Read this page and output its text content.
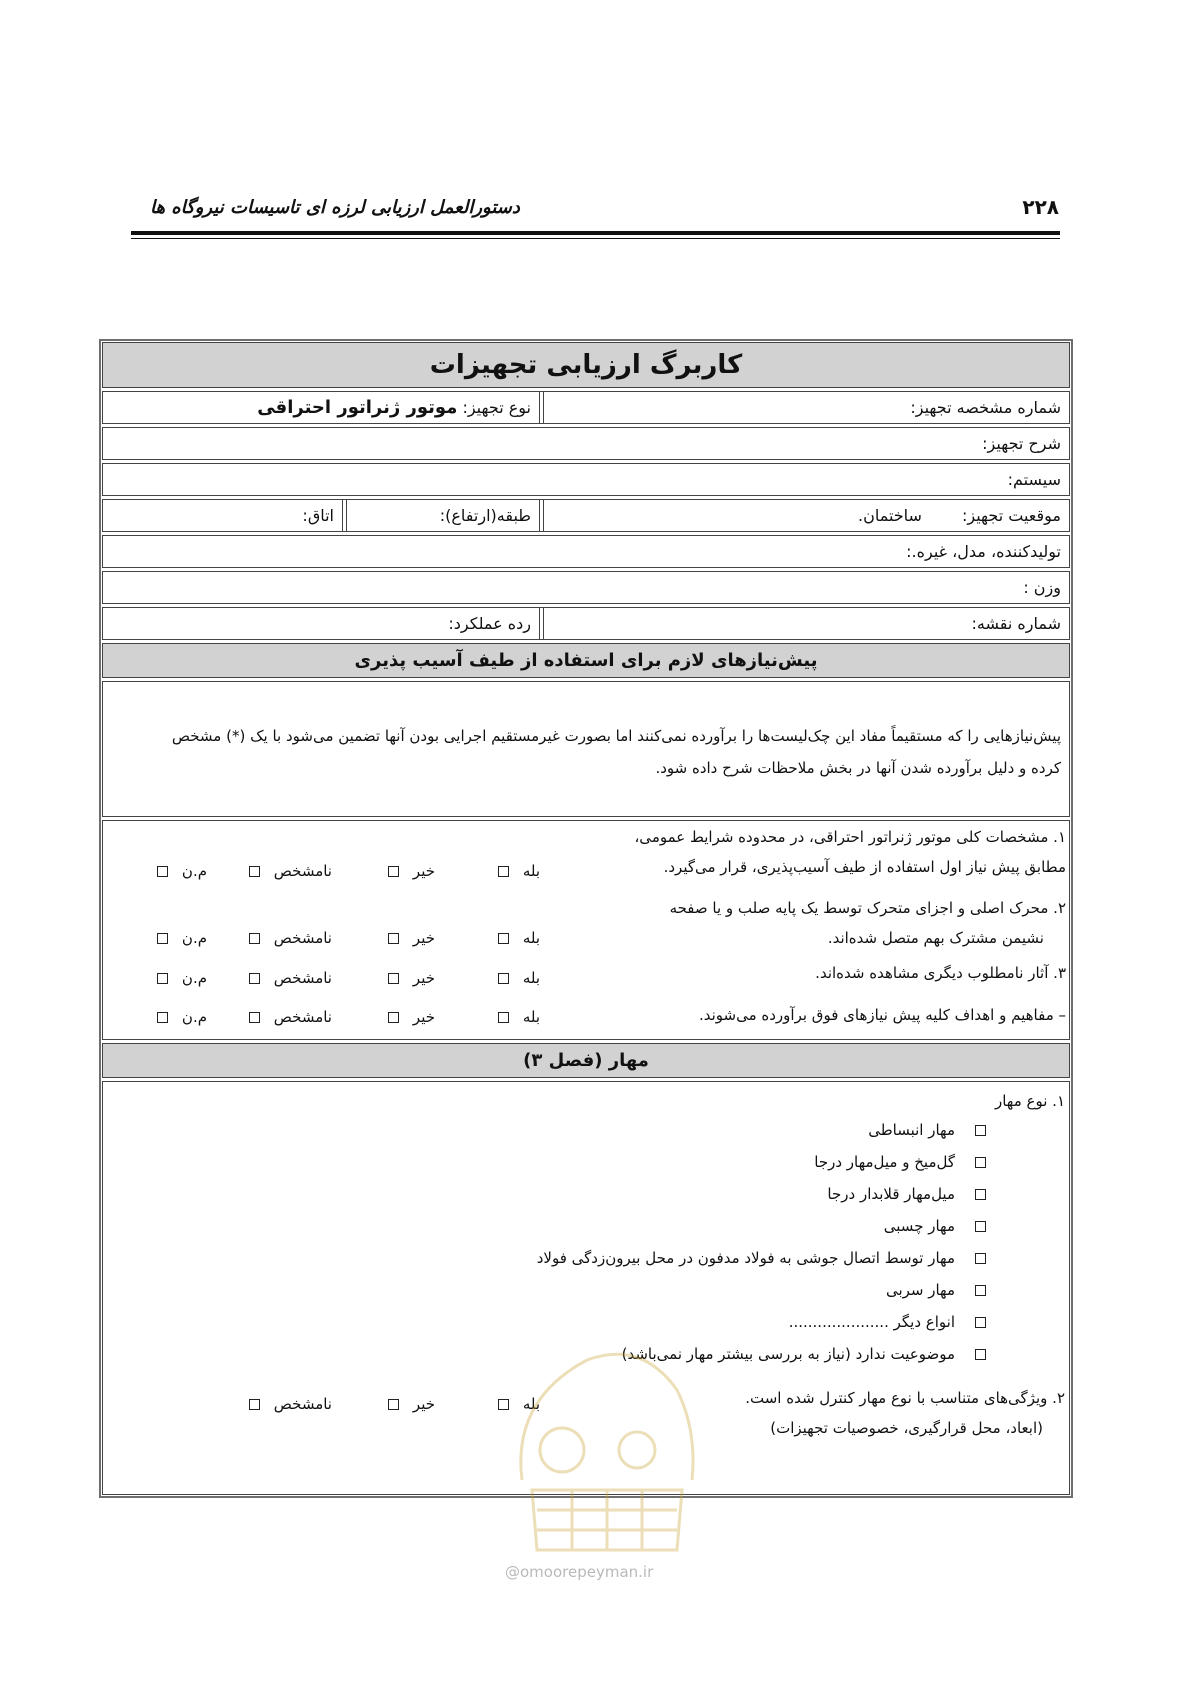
دستورالعمل ارزیابی لرزه ای تاسیسات نیروگاه ها	۲۲۸
کاربرگ ارزیابی تجهیزات
شماره مشخصه تجهیز:
نوع تجهیز:

موتور ژنراتور احتراقی
شرح تجهیز:
سیستم:
موقعیت تجهیز:
ساختمان.
طبقه(ارتفاع):
اتاق:
تولیدکننده، مدل، غیره.:
وزن :
شماره نقشه:
رده عملکرد:
پیش‌نیازهای لازم برای استفاده از طیف آسیب پذیری
پیش‌نیازهایی را که مستقیماً مفاد این چک‌لیست‌ها را برآورده نمی‌کنند اما بصورت غیرمستقیم اجرایی بودن آنها تضمین می‌شود با یک (*) مشخص
کرده و دلیل برآورده شدن آنها در بخش ملاحظات شرح داده شود.
۱. مشخصات کلی موتور ژنراتور احتراقی، در محدوده شرایط عمومی،
مطابق پیش نیاز اول استفاده از طیف آسیب‌پذیری، قرار می‌گیرد.
۲. محرک اصلی و اجزای متحرک توسط یک پایه صلب و یا صفحه
نشیمن مشترک بهم متصل شده‌اند.
۳. آثار نامطلوب دیگری مشاهده شده‌اند.
– مفاهیم و اهداف کلیه پیش نیازهای فوق برآورده می‌شوند.
بله
خیر
نامشخص
م.ن
بله
خیر
نامشخص
م.ن
بله
خیر
نامشخص
م.ن
بله
خیر
نامشخص
م.ن
مهار (فصل ۳)
۱. نوع مهار
مهار انبساطی
گل‌میخ و میل‌مهار درجا
میل‌مهار قلابدار درجا
مهار چسبی
مهار توسط اتصال جوشی به فولاد مدفون در محل بیرون‌زدگی فولاد
مهار سربی
انواع دیگر .....................
موضوعیت ندارد (نیاز به بررسی بیشتر مهار نمی‌باشد)
۲. ویژگی‌های متناسب با نوع مهار کنترل شده است.
(ابعاد، محل قرارگیری، خصوصیات تجهیزات)
بله
خیر
نامشخص
@omoorepeyman.ir
